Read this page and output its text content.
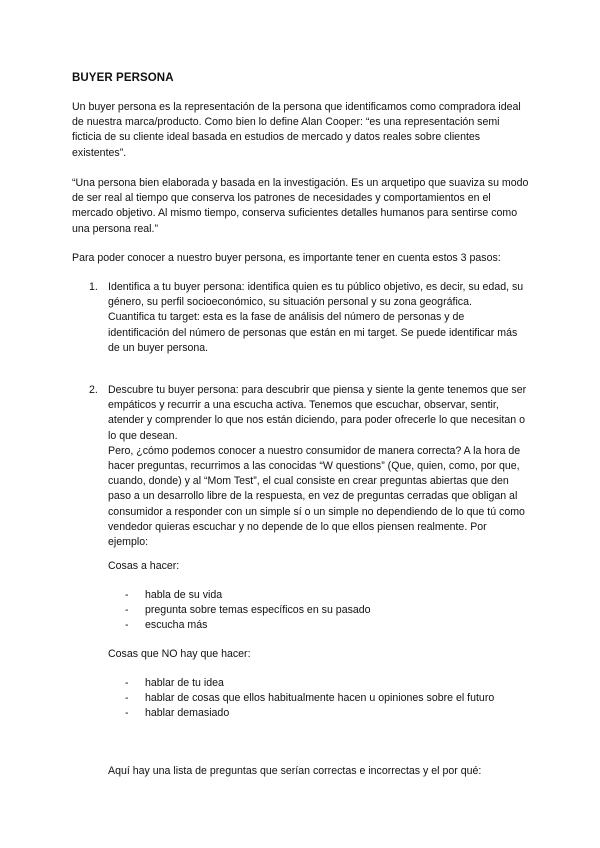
BUYER PERSONA

Un buyer persona es la representación de la persona que identificamos como compradora ideal de nuestra marca/producto. Como bien lo define Alan Cooper: “es una representación semi ficticia de su cliente ideal basada en estudios de mercado y datos reales sobre clientes existentes”.

“Una persona bien elaborada y basada en la investigación. Es un arquetipo que suaviza su modo de ser real al tiempo que conserva los patrones de necesidades y comportamientos en el mercado objetivo. Al mismo tiempo, conserva suficientes detalles humanos para sentirse como una persona real.”

Para poder conocer a nuestro buyer persona, es importante tener en cuenta estos 3 pasos:

1. Identifica a tu buyer persona: identifica quien es tu público objetivo, es decir, su edad, su género, su perfil socioeconómico, su situación personal y su zona geográfica.

Cuantifica tu target: esta es la fase de análisis del número de personas y de identificación del número de personas que están en mi target. Se puede identificar más de un buyer persona.

2. Descubre tu buyer persona: para descubrir que piensa y siente la gente tenemos que ser empáticos y recurrir a una escucha activa. Tenemos que escuchar, observar, sentir, atender y comprender lo que nos están diciendo, para poder ofrecerle lo que necesitan o lo que desean.

Pero, ¿cómo podemos conocer a nuestro consumidor de manera correcta? A la hora de hacer preguntas, recurrimos a las conocidas “W questions” (Que, quien, como, por que, cuando, donde) y al “Mom Test”, el cual consiste en crear preguntas abiertas que den paso a un desarrollo libre de la respuesta, en vez de preguntas cerradas que obligan al consumidor a responder con un simple sí o un simple no dependiendo de lo que tú como vendedor quieras escuchar y no depende de lo que ellos piensen realmente. Por ejemplo:

Cosas a hacer:

- habla de su vida
- pregunta sobre temas específicos en su pasado
- escucha más

Cosas que NO hay que hacer:

- hablar de tu idea
- hablar de cosas que ellos habitualmente hacen u opiniones sobre el futuro
- hablar demasiado

Aquí hay una lista de preguntas que serían correctas e incorrectas y el por qué:
